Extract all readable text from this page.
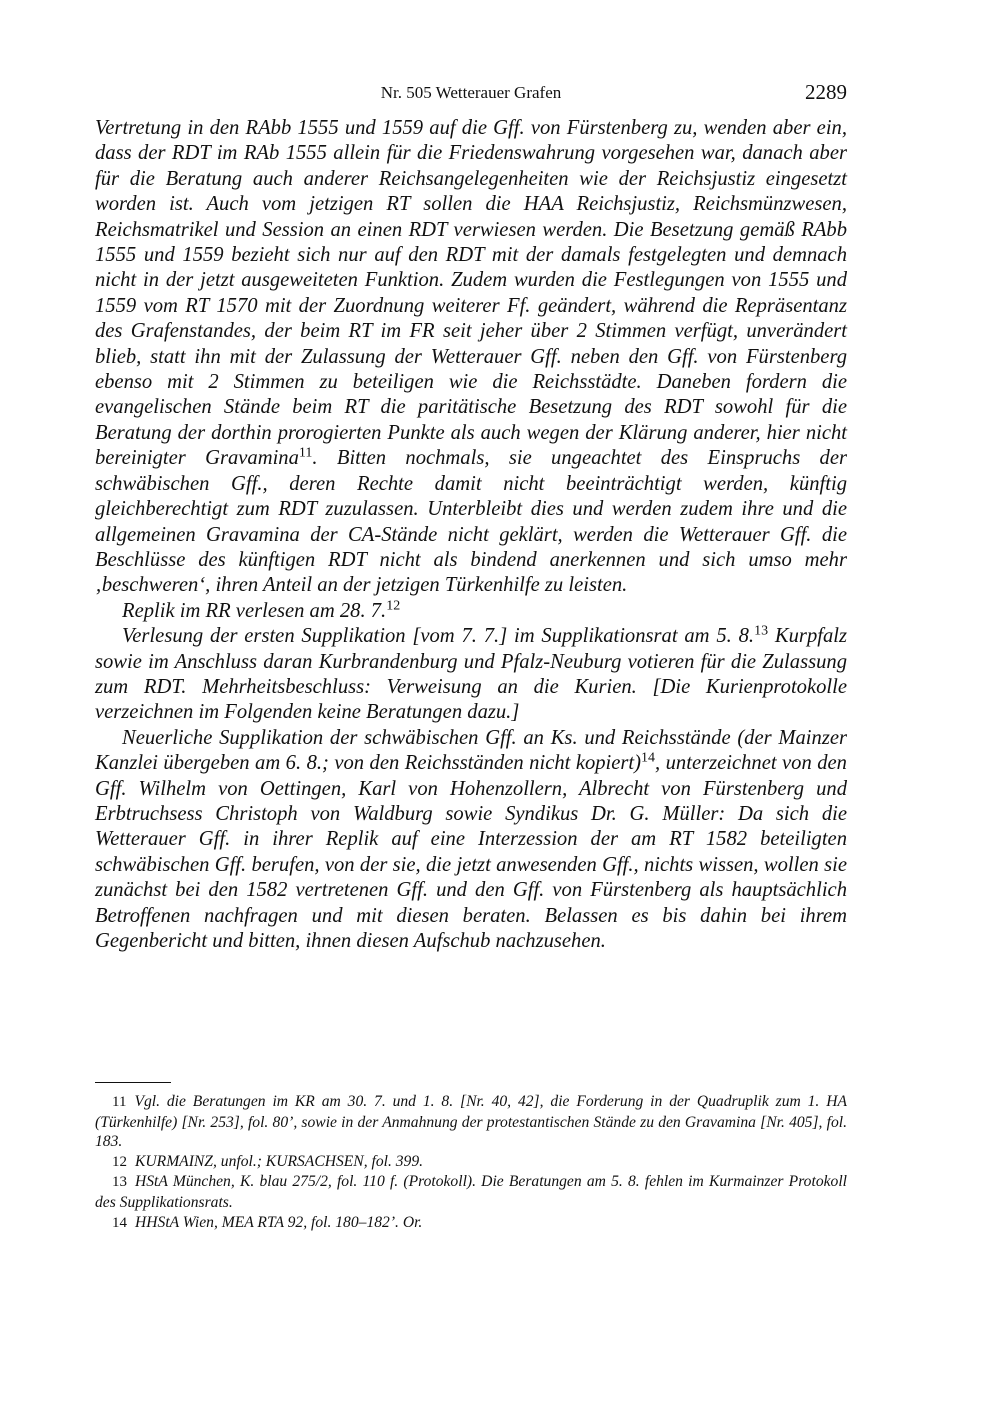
Nr. 505 Wetterauer Grafen	2289

Vertretung in den RAbb 1555 und 1559 auf die Gff. von Fürstenberg zu, wenden aber ein, dass der RDT im RAb 1555 allein für die Friedenswahrung vorgesehen war, danach aber für die Beratung auch anderer Reichsangelegenheiten wie der Reichsjustiz eingesetzt worden ist. Auch vom jetzigen RT sollen die HAA Reichsjustiz, Reichsmünzwesen, Reichsmatrikel und Session an einen RDT verwiesen werden. Die Besetzung gemäß RAbb 1555 und 1559 bezieht sich nur auf den RDT mit der damals festgelegten und demnach nicht in der jetzt ausgeweiteten Funktion. Zudem wurden die Festlegungen von 1555 und 1559 vom RT 1570 mit der Zuordnung weiterer Ff. geändert, während die Repräsentanz des Grafenstandes, der beim RT im FR seit jeher über 2 Stimmen verfügt, unverändert blieb, statt ihn mit der Zulassung der Wetterauer Gff. neben den Gff. von Fürstenberg ebenso mit 2 Stimmen zu beteiligen wie die Reichsstädte. Daneben fordern die evangelischen Stände beim RT die paritätische Besetzung des RDT sowohl für die Beratung der dorthin prorogierten Punkte als auch wegen der Klärung anderer, hier nicht bereinigter Gravamina$^{11}$. Bitten nochmals, sie ungeachtet des Einspruchs der schwäbischen Gff., deren Rechte damit nicht beeinträchtigt werden, künftig gleichberechtigt zum RDT zuzulassen. Unterbleibt dies und werden zudem ihre und die allgemeinen Gravamina der CA-Stände nicht geklärt, werden die Wetterauer Gff. die Beschlüsse des künftigen RDT nicht als bindend anerkennen und sich umso mehr ‚beschweren‘, ihren Anteil an der jetzigen Türkenhilfe zu leisten.

Replik im RR verlesen am 28. 7.12

Verlesung der ersten Supplikation [vom 7. 7.] im Supplikationsrat am 5. 8.13 Kurpfalz sowie im Anschluss daran Kurbrandenburg und Pfalz-Neuburg votieren für die Zulassung zum RDT. Mehrheitsbeschluss: Verweisung an die Kurien. [Die Kurienprotokolle verzeichnen im Folgenden keine Beratungen dazu.]

Neuerliche Supplikation der schwäbischen Gff. an Ks. und Reichsstände (der Mainzer Kanzlei übergeben am 6. 8.; von den Reichsständen nicht kopiert)$^{14}$, unterzeichnet von den Gff. Wilhelm von Oettingen, Karl von Hohenzollern, Albrecht von Fürstenberg und Erbtruchsess Christoph von Waldburg sowie Syndikus Dr. G. Müller: Da sich die Wetterauer Gff. in ihrer Replik auf eine Interzession der am RT 1582 beteiligten schwäbischen Gff. berufen, von der sie, die jetzt anwesenden Gff., nichts wissen, wollen sie zunächst bei den 1582 vertretenen Gff. und den Gff. von Fürstenberg als hauptsächlich Betroffenen nachfragen und mit diesen beraten. Belassen es bis dahin bei ihrem Gegenbericht und bitten, ihnen diesen Aufschub nachzusehen.

11 Vgl. die Beratungen im KR am 30. 7. und 1. 8. [Nr. 40, 42], die Forderung in der Quadruplik zum 1. HA (Türkenhilfe) [Nr. 253], fol. 80’, sowie in der Anmahnung der protestantischen Stände zu den Gravamina [Nr. 405], fol. 183.

12 KURMAINZ, unfol.; KURSACHSEN, fol. 399.

13 HStA München, K. blau 275/2, fol. 110 f. (Protokoll). Die Beratungen am 5. 8. fehlen im Kurmainzer Protokoll des Supplikationsrats.

14 HHStA Wien, MEA RTA 92, fol. 180–182’. Or.
